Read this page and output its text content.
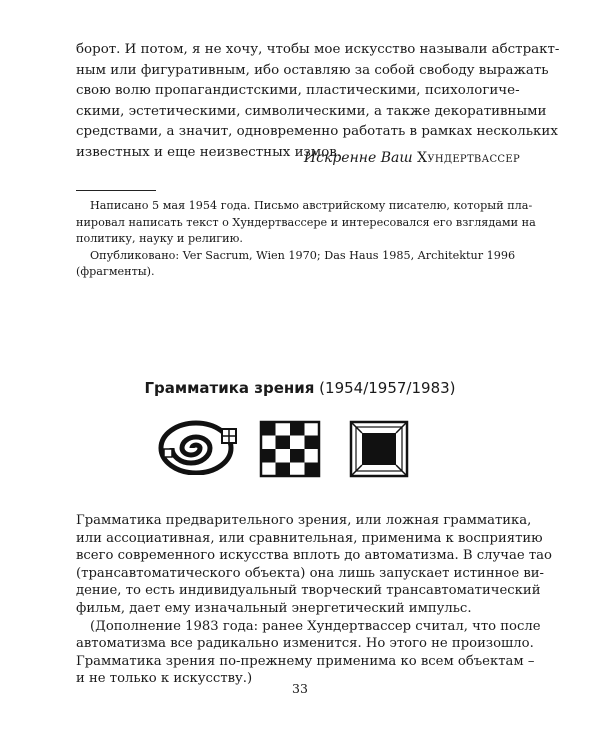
борот. И потом, я не хочу, чтобы мое искусство называли абстракт-
ным или фигуративным, ибо оставляю за собой свободу выражать
свою волю пропагандистскими, пластическими, психологиче-
скими, эстетическими, символическими, а также декоративными
средствами, а значит, одновременно работать в рамках нескольких
известных и еще неизвестных измов.
Искренне Ваш Хундертвассер
Написано 5 мая 1954 года. Письмо австрийскому писателю, который пла-
нировал написать текст о Хундертвассере и интересовался его взглядами на
политику, науку и религию.
Опубликовано: Ver Sacrum, Wien 1970; Das Haus 1985, Architektur 1996
(фрагменты).
Грамматика зрения (1954/1957/1983)
Грамматика предварительного зрения, или ложная грамматика,
или ассоциативная, или сравнительная, применима к восприятию
всего современного искусства вплоть до автоматизма. В случае тао
(трансавтоматического объекта) она лишь запускает истинное ви-
дение, то есть индивидуальный творческий трансавтоматический
фильм, дает ему изначальный энергетический импульс.
(Дополнение 1983 года: ранее Хундертвассер считал, что после
автоматизма все радикально изменится. Но этого не произошло.
Грамматика зрения по-прежнему применима ко всем объектам –
и не только к искусству.)
33
